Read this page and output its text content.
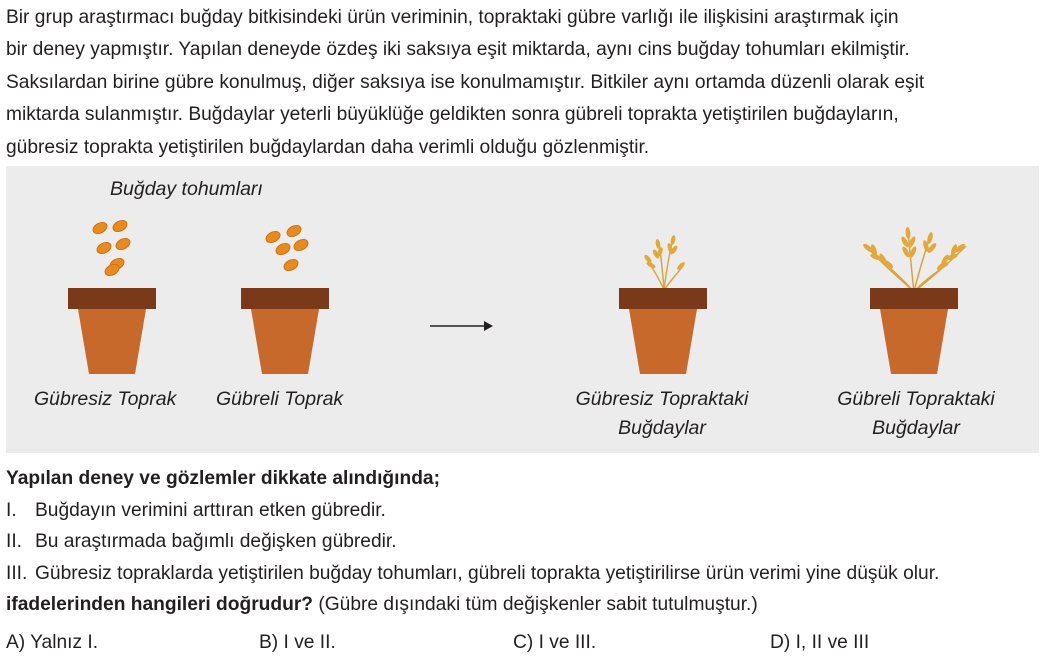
Bir grup araştırmacı buğday bitkisindeki ürün veriminin, topraktaki gübre varlığı ile ilişkisini araştırmak için
bir deney yapmıştır. Yapılan deneyde özdeş iki saksıya eşit miktarda, aynı cins buğday tohumları ekilmiştir.
Saksılardan birine gübre konulmuş, diğer saksıya ise konulmamıştır. Bitkiler aynı ortamda düzenli olarak eşit
miktarda sulanmıştır. Buğdaylar yeterli büyüklüğe geldikten sonra gübreli toprakta yetiştirilen buğdayların,
gübresiz toprakta yetiştirilen buğdaylardan daha verimli olduğu gözlenmiştir.
Buğday tohumları
Gübresiz Toprak Gübreli Toprak	Gübresiz Topraktaki
Buğdaylar
Gübreli Topraktaki
Buğdaylar
Yapılan deney ve gözlemler dikkate alındığında;
I. Buğdayın verimini arttıran etken gübredir.
II. Bu araştırmada bağımlı değişken gübredir.
III. Gübresiz topraklarda yetiştirilen buğday tohumları, gübreli toprakta yetiştirilirse ürün verimi yine düşük olur.
ifadelerinden hangileri doğrudur? (Gübre dışındaki tüm değişkenler sabit tutulmuştur.)
A) Yalnız I.	B) I ve II.	C) I ve III.	D) I, II ve III
